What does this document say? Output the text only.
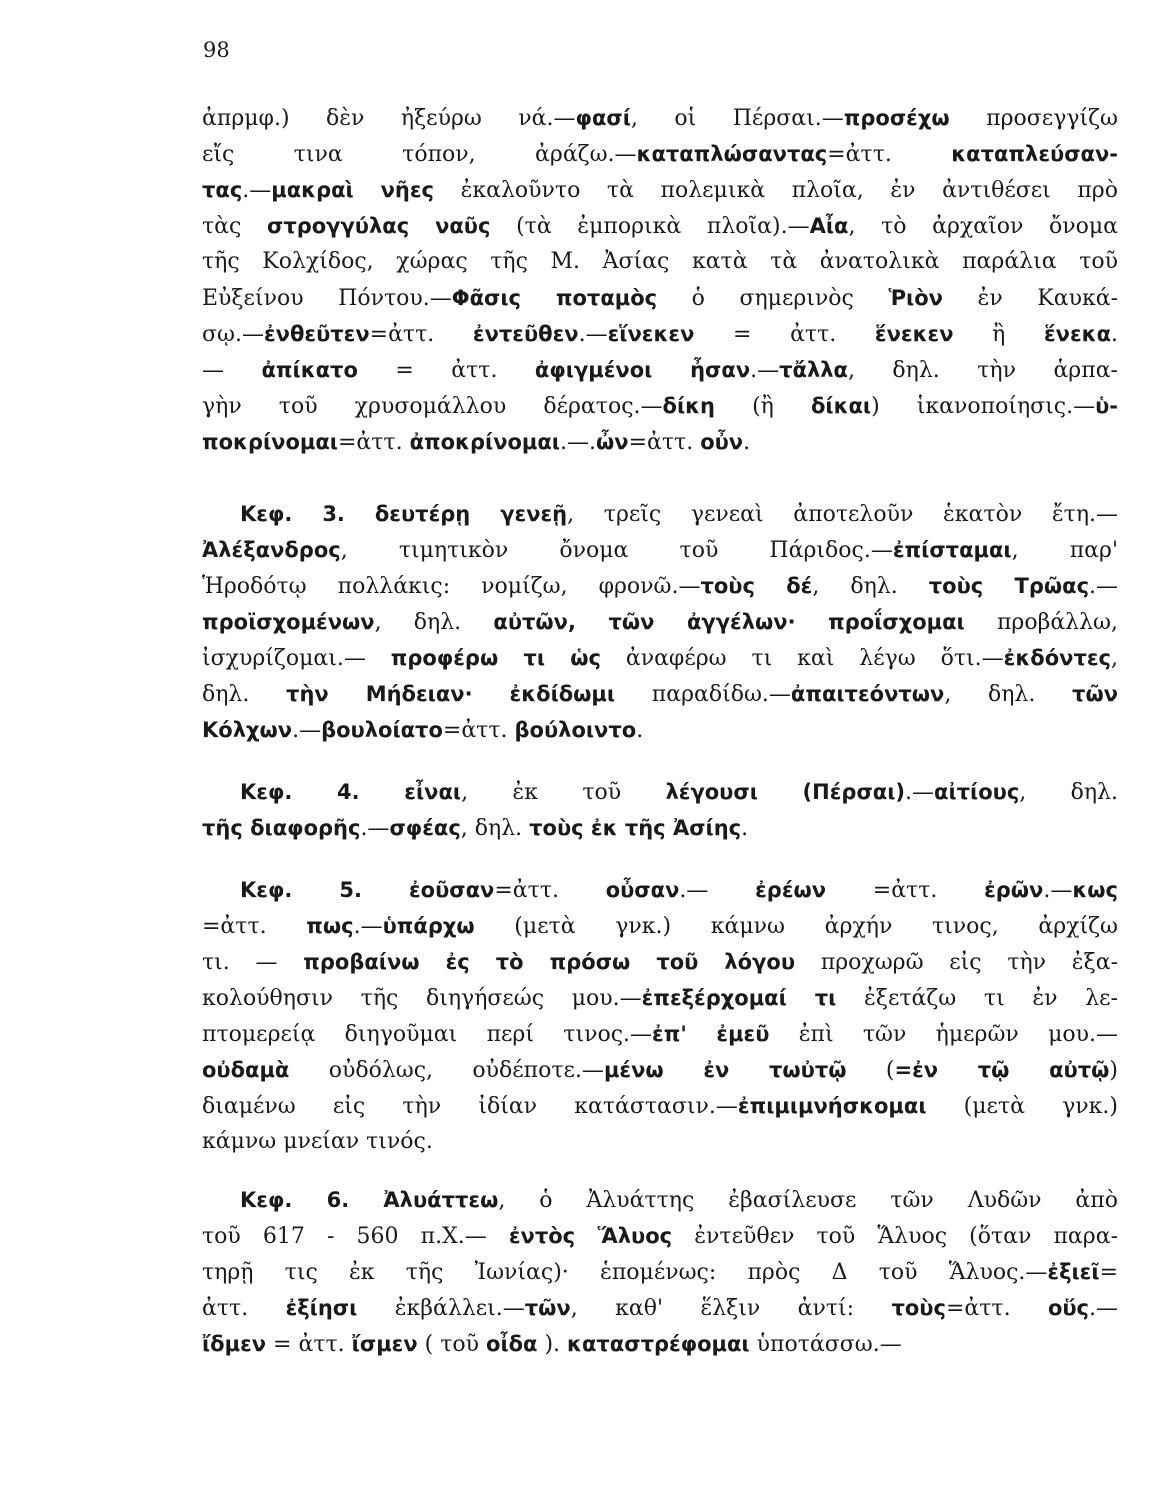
98
ἀπρμφ.) δὲν ἠξεύρω νά.—φασί, οἱ Πέρσαι.—προσέχω προσεγγίζω
εἴς τινα τόπον, ἀράζω.—καταπλώσαντας=ἀττ. καταπλεύσαν-
τας.—μακραὶ νῆες ἐκαλοῦντο τὰ πολεμικὰ πλοῖα, ἐν ἀντιθέσει πρὸ
τὰς στρογγύλας ναῦς (τὰ ἐμπορικὰ πλοῖα).—Αἶα, τὸ ἀρχαῖον ὄνομα
τῆς Κολχίδος, χώρας τῆς Μ. Ἀσίας κατὰ τὰ ἀνατολικὰ παράλια τοῦ
Εὐξείνου Πόντου.—Φᾶσις ποταμὸς ὁ σημερινὸς Ῥιὸν ἐν Καυκά-
σῳ.—ἐνθεῦτεν=ἀττ. ἐντεῦθεν.—εἵνεκεν = ἀττ. ἕνεκεν ἢ ἕνεκα.
— ἀπίκατο = ἀττ. ἀφιγμένοι ἦσαν.—τἄλλα, δηλ. τὴν ἁρπα-
γὴν τοῦ χρυσομάλλου δέρατος.—δίκη (ἢ δίκαι) ἱκανοποίησις.—ὑ-
ποκρίνομαι=ἀττ. ἀποκρίνομαι.—.ὦν=ἀττ. οὖν.
Κεφ. 3. δευτέρῃ γενεῇ, τρεῖς γενεαὶ ἀποτελοῦν ἑκατὸν ἔτη.—
Ἀλέξανδρος, τιμητικὸν ὄνομα τοῦ Πάριδος.—ἐπίσταμαι, παρ'
Ἡροδότῳ πολλάκις: νομίζω, φρονῶ.—τοὺς δέ, δηλ. τοὺς Τρῶας.—
προϊσχομένων, δηλ. αὐτῶν, τῶν ἀγγέλων· προΐσχομαι προβάλλω,
ἰσχυρίζομαι.— προφέρω τι ὡς ἀναφέρω τι καὶ λέγω ὅτι.—ἐκδόντες,
δηλ. τὴν Μήδειαν· ἐκδίδωμι παραδίδω.—ἀπαιτεόντων, δηλ. τῶν
Κόλχων.—βουλοίατο=ἀττ. βούλοιντο.
Κεφ. 4. εἶναι, ἐκ τοῦ λέγουσι (Πέρσαι).—αἰτίους, δηλ.
τῆς διαφορῆς.—σφέας, δηλ. τοὺς ἐκ τῆς Ἀσίης.
Κεφ. 5. ἐοῦσαν=ἀττ. οὖσαν.— ἐρέων =ἀττ. ἐρῶν.—κως
=ἀττ. πως.—ὑπάρχω (μετὰ γνκ.) κάμνω ἀρχήν τινος, ἀρχίζω
τι. — προβαίνω ἐς τὸ πρόσω τοῦ λόγου προχωρῶ εἰς τὴν ἐξα-
κολούθησιν τῆς διηγήσεώς μου.—ἐπεξέρχομαί τι ἐξετάζω τι ἐν λε-
πτομερείᾳ διηγοῦμαι περί τινος.—ἐπ' ἐμεῦ ἐπὶ τῶν ἡμερῶν μου.—
οὐδαμὰ οὐδόλως, οὐδέποτε.—μένω ἐν τωὐτῷ (=ἐν τῷ αὐτῷ)
διαμένω εἰς τὴν ἰδίαν κατάστασιν.—ἐπιμιμνήσκομαι (μετὰ γνκ.)
κάμνω μνείαν τινός.
Κεφ. 6. Ἀλυάττεω, ὁ Ἀλυάττης ἐβασίλευσε τῶν Λυδῶν ἀπὸ
τοῦ 617 - 560 π.Χ.— ἐντὸς Ἅλυος ἐντεῦθεν τοῦ Ἅλυος (ὅταν παρα-
τηρῇ τις ἐκ τῆς Ἰωνίας)· ἑπομένως: πρὸς Δ τοῦ Ἅλυος.—ἐξιεῖ=
ἀττ. ἐξίησι ἐκβάλλει.—τῶν, καθ' ἕλξιν ἀντί: τοὺς=ἀττ. οὕς.—
ἴδμεν = ἀττ. ἴσμεν ( τοῦ οἶδα ). καταστρέφομαι ὑποτάσσω.—
